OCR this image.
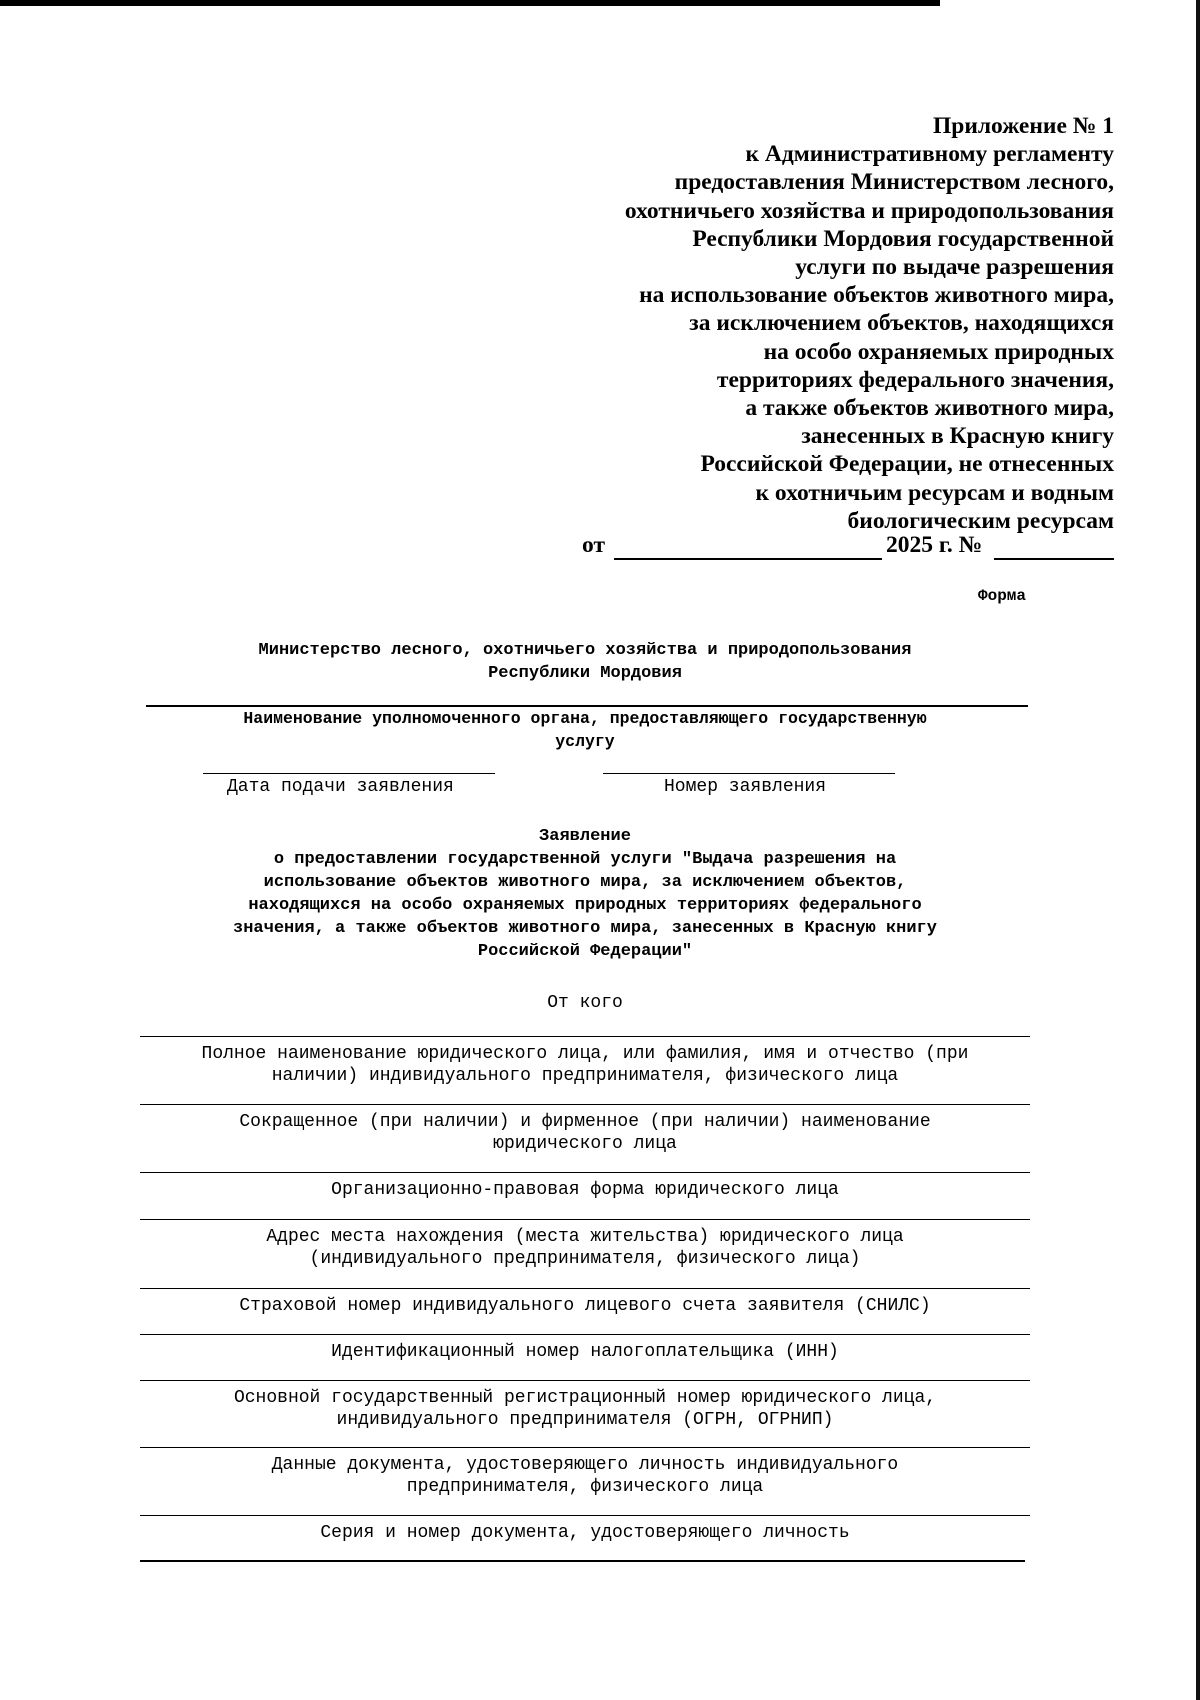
Приложение № 1
к Административному регламенту
предоставления Министерством лесного,
охотничьего хозяйства и природопользования
Республики Мордовия государственной
услуги по выдаче разрешения
на использование объектов животного мира,
за исключением объектов, находящихся
на особо охраняемых природных
территориях федерального значения,
а также объектов животного мира,
занесенных в Красную книгу
Российской Федерации, не отнесенных
к охотничьим ресурсам и водным
биологическим ресурсам
от	2025 г. №
Форма
Министерство лесного, охотничьего хозяйства и природопользования
Республики Мордовия
Наименование уполномоченного органа, предоставляющего государственную
услугу
Дата подачи заявления	Номер заявления
Заявление
о предоставлении государственной услуги "Выдача разрешения на
использование объектов животного мира, за исключением объектов,
находящихся на особо охраняемых природных территориях федерального
значения, а также объектов животного мира, занесенных в Красную книгу
Российской Федерации"
От кого
Полное наименование юридического лица, или фамилия, имя и отчество (при
наличии) индивидуального предпринимателя, физического лица
Сокращенное (при наличии) и фирменное (при наличии) наименование
юридического лица
Организационно-правовая форма юридического лица
Адрес места нахождения (места жительства) юридического лица
(индивидуального предпринимателя, физического лица)
Страховой номер индивидуального лицевого счета заявителя (СНИЛС)
Идентификационный номер налогоплательщика (ИНН)
Основной государственный регистрационный номер юридического лица,
индивидуального предпринимателя (ОГРН, ОГРНИП)
Данные документа, удостоверяющего личность индивидуального
предпринимателя, физического лица
Серия и номер документа, удостоверяющего личность
